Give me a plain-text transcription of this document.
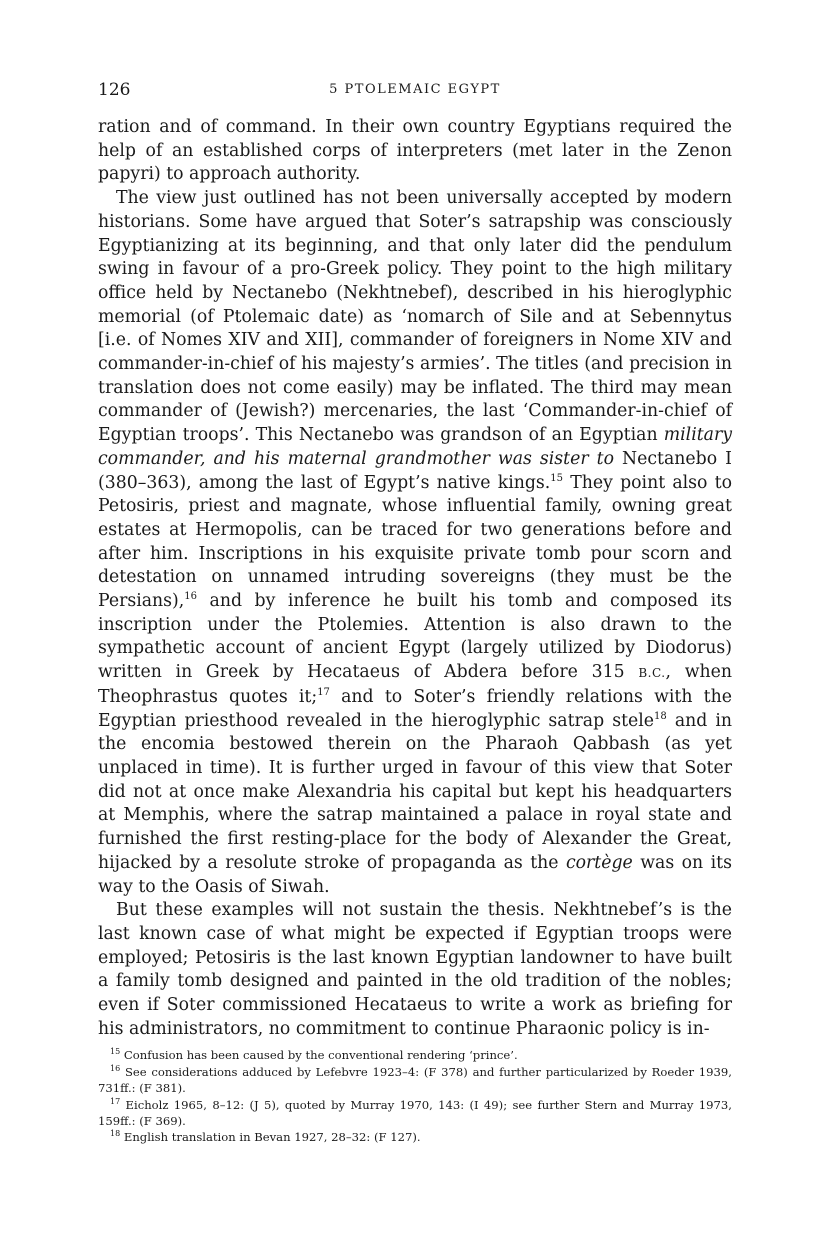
126	5 PTOLEMAIC EGYPT

ration and of command. In their own country Egyptians required the help of an established corps of interpreters (met later in the Zenon papyri) to approach authority.

The view just outlined has not been universally accepted by modern historians. Some have argued that Soter’s satrapship was consciously Egyptianizing at its beginning, and that only later did the pendulum swing in favour of a pro-Greek policy. They point to the high military office held by Nectanebo (Nekhtnebef), described in his hieroglyphic memorial (of Ptolemaic date) as ‘nomarch of Sile and at Sebennytus [i.e. of Nomes XIV and XII], commander of foreigners in Nome XIV and commander-in-chief of his majesty’s armies’. The titles (and precision in translation does not come easily) may be inflated. The third may mean commander of (Jewish?) mercenaries, the last ‘Commander-in-chief of Egyptian troops’. This Nectanebo was grandson of an Egyptian military commander, and his maternal grandmother was sister to Nectanebo I (380–363), among the last of Egypt’s native kings.$^{15}$ They point also to Petosiris, priest and magnate, whose influential family, owning great estates at Hermopolis, can be traced for two generations before and after him. Inscriptions in his exquisite private tomb pour scorn and detestation on unnamed intruding sovereigns (they must be the Persians),$^{16}$ and by inference he built his tomb and composed its inscription under the Ptolemies. Attention is also drawn to the sympathetic account of ancient Egypt (largely utilized by Diodorus) written in Greek by Hecataeus of Abdera before 315 B.C., when Theophrastus quotes it;$^{17}$ and to Soter’s friendly relations with the Egyptian priesthood revealed in the hieroglyphic satrap stele$^{18}$ and in the encomia bestowed therein on the Pharaoh Qabbash (as yet unplaced in time). It is further urged in favour of this view that Soter did not at once make Alexandria his capital but kept his headquarters at Memphis, where the satrap maintained a palace in royal state and furnished the first resting-place for the body of Alexander the Great, hijacked by a resolute stroke of propaganda as the cortège was on its way to the Oasis of Siwah.

But these examples will not sustain the thesis. Nekhtnebef’s is the last known case of what might be expected if Egyptian troops were employed; Petosiris is the last known Egyptian landowner to have built a family tomb designed and painted in the old tradition of the nobles; even if Soter commissioned Hecataeus to write a work as briefing for his administrators, no commitment to continue Pharaonic policy is in-

$^{15}$ Confusion has been caused by the conventional rendering ‘prince’.

$^{16}$ See considerations adduced by Lefebvre 1923–4: (F 378) and further particularized by Roeder 1939, 731ff.: (F 381).

$^{17}$ Eicholz 1965, 8–12: (J 5), quoted by Murray 1970, 143: (I 49); see further Stern and Murray 1973, 159ff.: (F 369).

$^{18}$ English translation in Bevan 1927, 28–32: (F 127).
